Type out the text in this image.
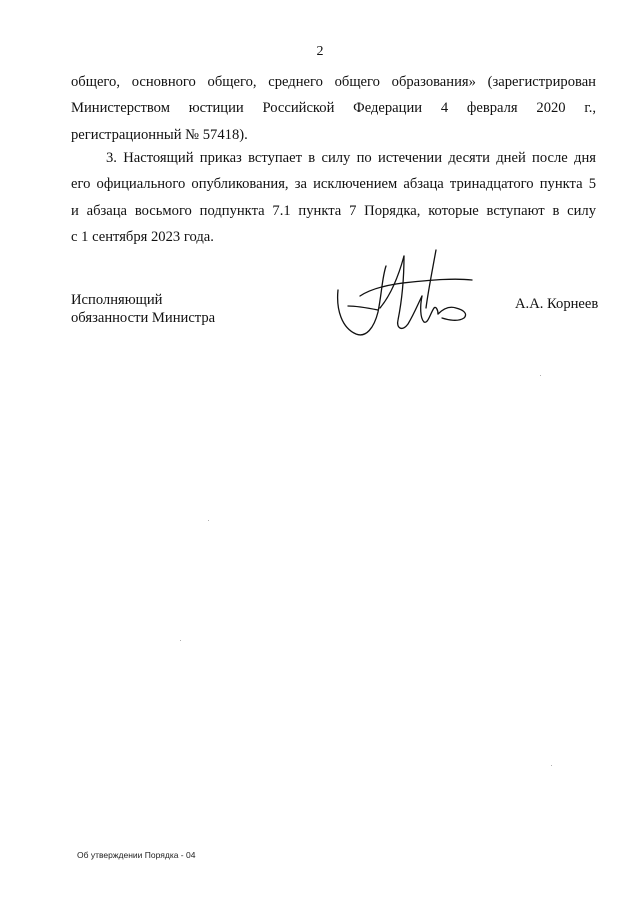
2
общего, основного общего, среднего общего образования» (зарегистрирован
Министерством юстиции Российской Федерации 4 февраля 2020 г.,
регистрационный № 57418).
3. Настоящий приказ вступает в силу по истечении десяти дней после дня
его официального опубликования, за исключением абзаца тринадцатого пункта 5
и абзаца восьмого подпункта 7.1 пункта 7 Порядка, которые вступают в силу
с 1 сентября 2023 года.
Исполняющий
обязанности Министра
А.А. Корнеев
Об утверждении Порядка - 04
